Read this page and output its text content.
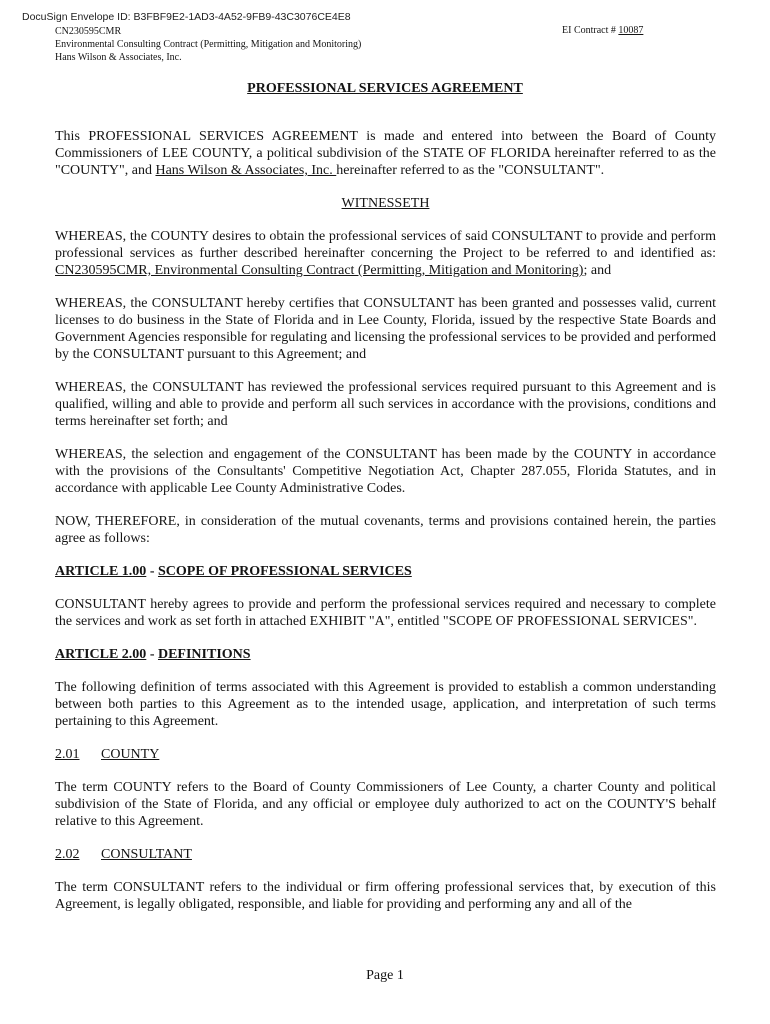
DocuSign Envelope ID: B3FBF9E2-1AD3-4A52-9FB9-43C3076CE4E8
CN230595CMR
Environmental Consulting Contract (Permitting, Mitigation and Monitoring)
Hans Wilson & Associates, Inc.
EI Contract # 10087
PROFESSIONAL SERVICES AGREEMENT

This PROFESSIONAL SERVICES AGREEMENT is made and entered into between the Board of County Commissioners of LEE COUNTY, a political subdivision of the STATE OF FLORIDA hereinafter referred to as the "COUNTY", and Hans Wilson & Associates, Inc. hereinafter referred to as the "CONSULTANT".

WITNESSETH

WHEREAS, the COUNTY desires to obtain the professional services of said CONSULTANT to provide and perform professional services as further described hereinafter concerning the Project to be referred to and identified as: CN230595CMR, Environmental Consulting Contract (Permitting, Mitigation and Monitoring); and

WHEREAS, the CONSULTANT hereby certifies that CONSULTANT has been granted and possesses valid, current licenses to do business in the State of Florida and in Lee County, Florida, issued by the respective State Boards and Government Agencies responsible for regulating and licensing the professional services to be provided and performed by the CONSULTANT pursuant to this Agreement; and

WHEREAS, the CONSULTANT has reviewed the professional services required pursuant to this Agreement and is qualified, willing and able to provide and perform all such services in accordance with the provisions, conditions and terms hereinafter set forth; and

WHEREAS, the selection and engagement of the CONSULTANT has been made by the COUNTY in accordance with the provisions of the Consultants' Competitive Negotiation Act, Chapter 287.055, Florida Statutes, and in accordance with applicable Lee County Administrative Codes.

NOW, THEREFORE, in consideration of the mutual covenants, terms and provisions contained herein, the parties agree as follows:

ARTICLE 1.00 - SCOPE OF PROFESSIONAL SERVICES

CONSULTANT hereby agrees to provide and perform the professional services required and necessary to complete the services and work as set forth in attached EXHIBIT "A", entitled "SCOPE OF PROFESSIONAL SERVICES".

ARTICLE 2.00 - DEFINITIONS

The following definition of terms associated with this Agreement is provided to establish a common understanding between both parties to this Agreement as to the intended usage, application, and interpretation of such terms pertaining to this Agreement.

2.01 COUNTY

The term COUNTY refers to the Board of County Commissioners of Lee County, a charter County and political subdivision of the State of Florida, and any official or employee duly authorized to act on the COUNTY'S behalf relative to this Agreement.

2.02 CONSULTANT

The term CONSULTANT refers to the individual or firm offering professional services that, by execution of this Agreement, is legally obligated, responsible, and liable for providing and performing any and all of the

Page 1
